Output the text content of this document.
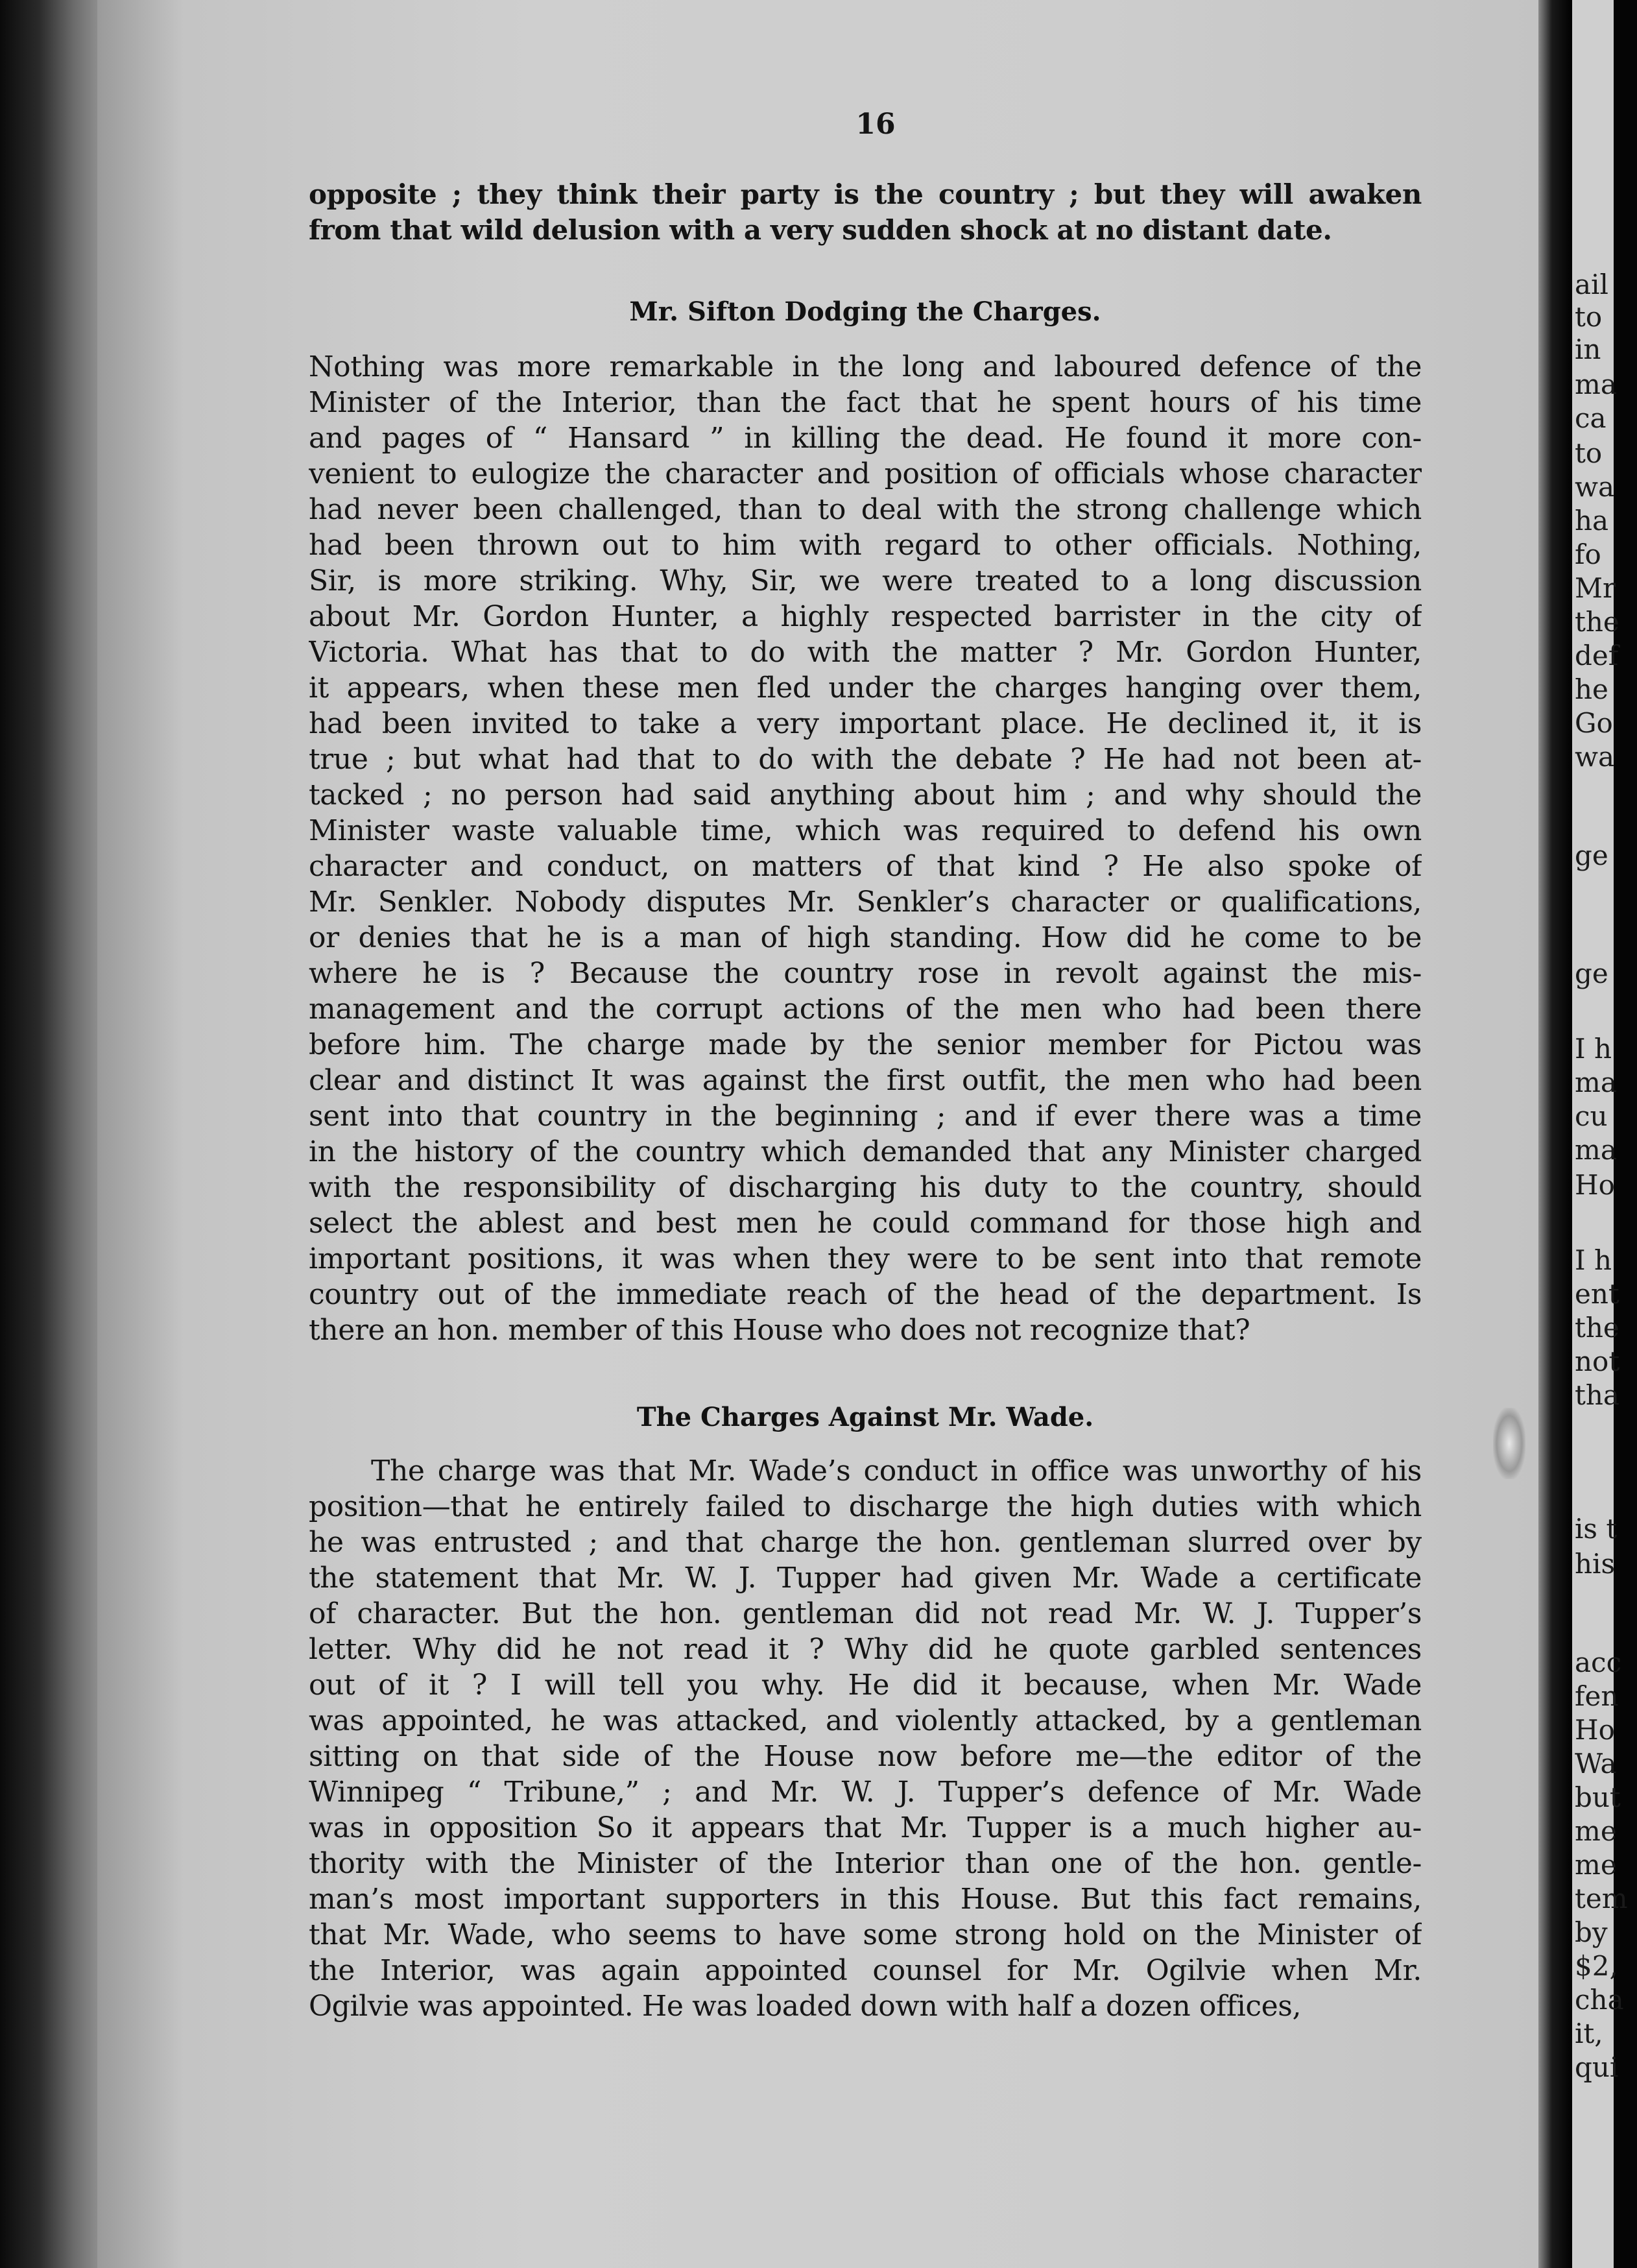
ail
to
in
ma
ca
to
wa
ha
fo
Mr
the
def
he
Go
wa
ge
ge
I h
ma
cu
ma
Ho
I h
ent
the
not
tha
is t
his
acc
fen
Ho
Wa
but
me
me
tem
by
$2,
cha
it,
qui
16
opposite ; they think their party is the country ; but they will awaken
from that wild delusion with a very sudden shock at no distant date.
Mr. Sifton Dodging the Charges.
Nothing was more remarkable in the long and laboured defence of the
Minister of the Interior, than the fact that he spent hours of his time
and pages of “ Hansard ” in killing the dead. He found it more con-
venient to eulogize the character and position of officials whose character
had never been challenged, than to deal with the strong challenge which
had been thrown out to him with regard to other officials. Nothing,
Sir, is more striking. Why, Sir, we were treated to a long discussion
about Mr. Gordon Hunter, a highly respected barrister in the city of
Victoria. What has that to do with the matter ? Mr. Gordon Hunter,
it appears, when these men fled under the charges hanging over them,
had been invited to take a very important place. He declined it, it is
true ; but what had that to do with the debate ? He had not been at-
tacked ; no person had said anything about him ; and why should the
Minister waste valuable time, which was required to defend his own
character and conduct, on matters of that kind ? He also spoke of
Mr. Senkler. Nobody disputes Mr. Senkler’s character or qualifications,
or denies that he is a man of high standing. How did he come to be
where he is ? Because the country rose in revolt against the mis-
management and the corrupt actions of the men who had been there
before him. The charge made by the senior member for Pictou was
clear and distinct It was against the first outfit, the men who had been
sent into that country in the beginning ; and if ever there was a time
in the history of the country which demanded that any Minister charged
with the responsibility of discharging his duty to the country, should
select the ablest and best men he could command for those high and
important positions, it was when they were to be sent into that remote
country out of the immediate reach of the head of the department. Is
there an hon. member of this House who does not recognize that?
The Charges Against Mr. Wade.
The charge was that Mr. Wade’s conduct in office was unworthy of his
position—that he entirely failed to discharge the high duties with which
he was entrusted ; and that charge the hon. gentleman slurred over by
the statement that Mr. W. J. Tupper had given Mr. Wade a certificate
of character. But the hon. gentleman did not read Mr. W. J. Tupper’s
letter. Why did he not read it ? Why did he quote garbled sentences
out of it ? I will tell you why. He did it because, when Mr. Wade
was appointed, he was attacked, and violently attacked, by a gentleman
sitting on that side of the House now before me—the editor of the
Winnipeg “ Tribune,” ; and Mr. W. J. Tupper’s defence of Mr. Wade
was in opposition So it appears that Mr. Tupper is a much higher au-
thority with the Minister of the Interior than one of the hon. gentle-
man’s most important supporters in this House. But this fact remains,
that Mr. Wade, who seems to have some strong hold on the Minister of
the Interior, was again appointed counsel for Mr. Ogilvie when Mr.
Ogilvie was appointed. He was loaded down with half a dozen offices,
